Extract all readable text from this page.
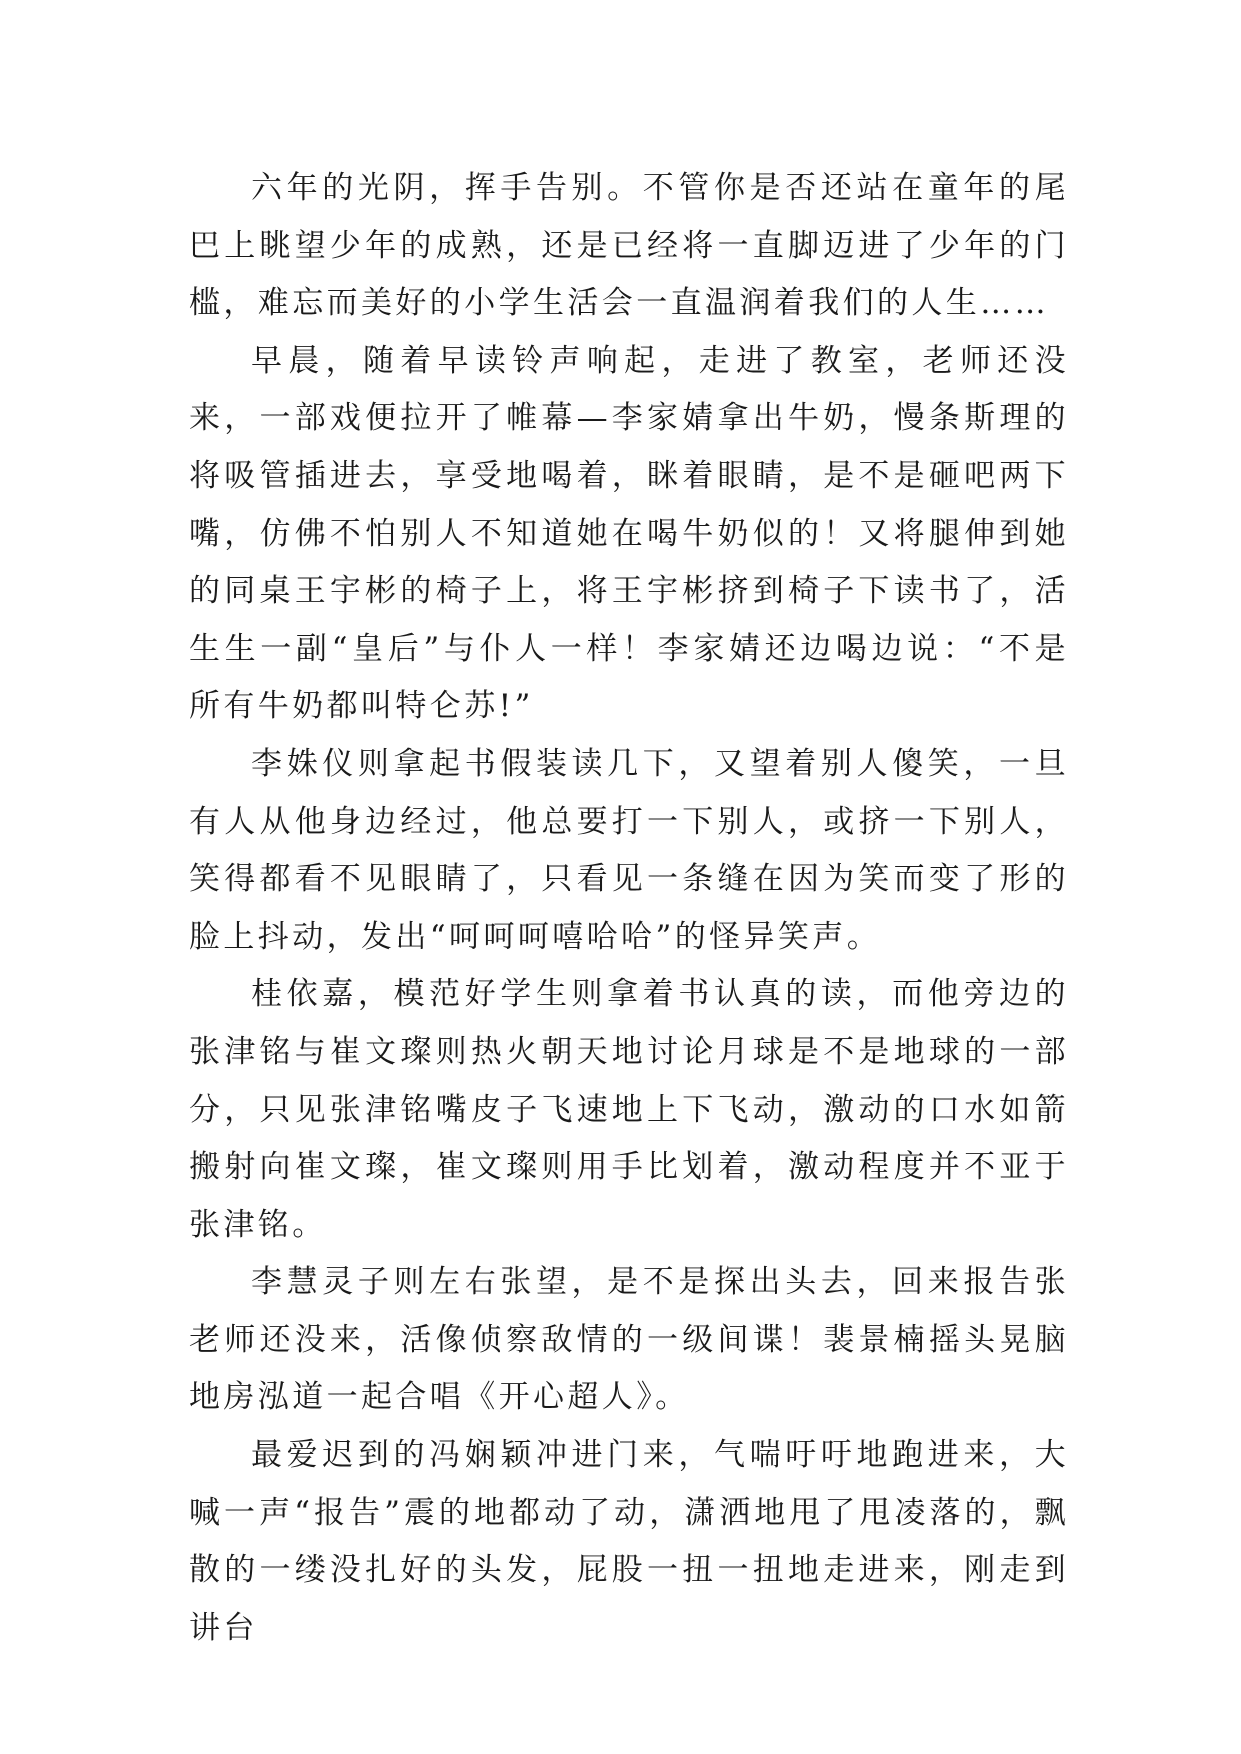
六年的光阴，挥手告别。不管你是否还站在童年的尾巴上眺望少年的成熟，还是已经将一直脚迈进了少年的门槛，难忘而美好的小学生活会一直温润着我们的人生……

早晨，随着早读铃声响起，走进了教室，老师还没来，一部戏便拉开了帷幕—李家婧拿出牛奶，慢条斯理的将吸管插进去，享受地喝着，眯着眼睛，是不是砸吧两下嘴，仿佛不怕别人不知道她在喝牛奶似的！又将腿伸到她的同桌王宇彬的椅子上，将王宇彬挤到椅子下读书了，活生生一副“皇后”与仆人一样！李家婧还边喝边说：“不是所有牛奶都叫特仑苏!”

李姝仪则拿起书假装读几下，又望着别人傻笑，一旦有人从他身边经过，他总要打一下别人，或挤一下别人，笑得都看不见眼睛了，只看见一条缝在因为笑而变了形的脸上抖动，发出“呵呵呵嘻哈哈”的怪异笑声。

桂依嘉，模范好学生则拿着书认真的读，而他旁边的张津铭与崔文璨则热火朝天地讨论月球是不是地球的一部分，只见张津铭嘴皮子飞速地上下飞动，激动的口水如箭搬射向崔文璨，崔文璨则用手比划着，激动程度并不亚于张津铭。

李慧灵子则左右张望，是不是探出头去，回来报告张老师还没来，活像侦察敌情的一级间谍！裴景楠摇头晃脑地房泓道一起合唱《开心超人》。

最爱迟到的冯娴颖冲进门来，气喘吁吁地跑进来，大喊一声“报告”震的地都动了动，潇洒地甩了甩凌落的，飘散的一缕没扎好的头发，屁股一扭一扭地走进来，刚走到讲台
